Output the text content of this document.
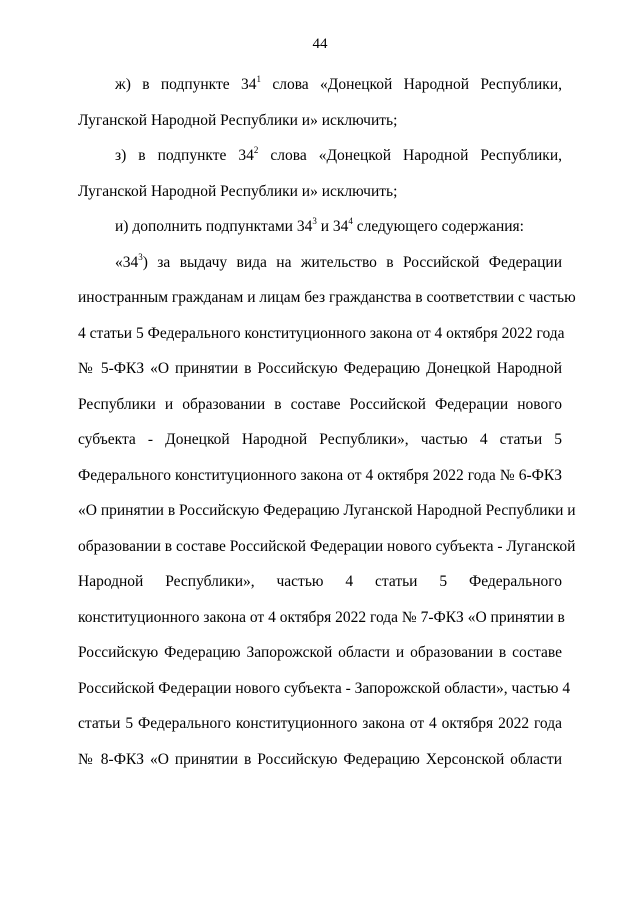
44
ж) в подпункте $34^1$ слова «Донецкой Народной Республики,
Луганской Народной Республики и» исключить;
з) в подпункте $34^2$ слова «Донецкой Народной Республики,
Луганской Народной Республики и» исключить;
и) дополнить подпунктами $34^3$ и $34^4$ следующего содержания:
«$34^3$) за выдачу вида на жительство в Российской Федерации
иностранным гражданам и лицам без гражданства в соответствии с частью
4 статьи 5 Федерального конституционного закона от 4 октября 2022 года
№ 5-ФКЗ «О принятии в Российскую Федерацию Донецкой Народной
Республики и образовании в составе Российской Федерации нового
субъекта - Донецкой Народной Республики», частью 4 статьи 5
Федерального конституционного закона от 4 октября 2022 года № 6-ФКЗ
«О принятии в Российскую Федерацию Луганской Народной Республики и
образовании в составе Российской Федерации нового субъекта - Луганской
Народной Республики», частью 4 статьи 5 Федерального
конституционного закона от 4 октября 2022 года № 7-ФКЗ «О принятии в
Российскую Федерацию Запорожской области и образовании в составе
Российской Федерации нового субъекта - Запорожской области», частью 4
статьи 5 Федерального конституционного закона от 4 октября 2022 года
№ 8-ФКЗ «О принятии в Российскую Федерацию Херсонской области
